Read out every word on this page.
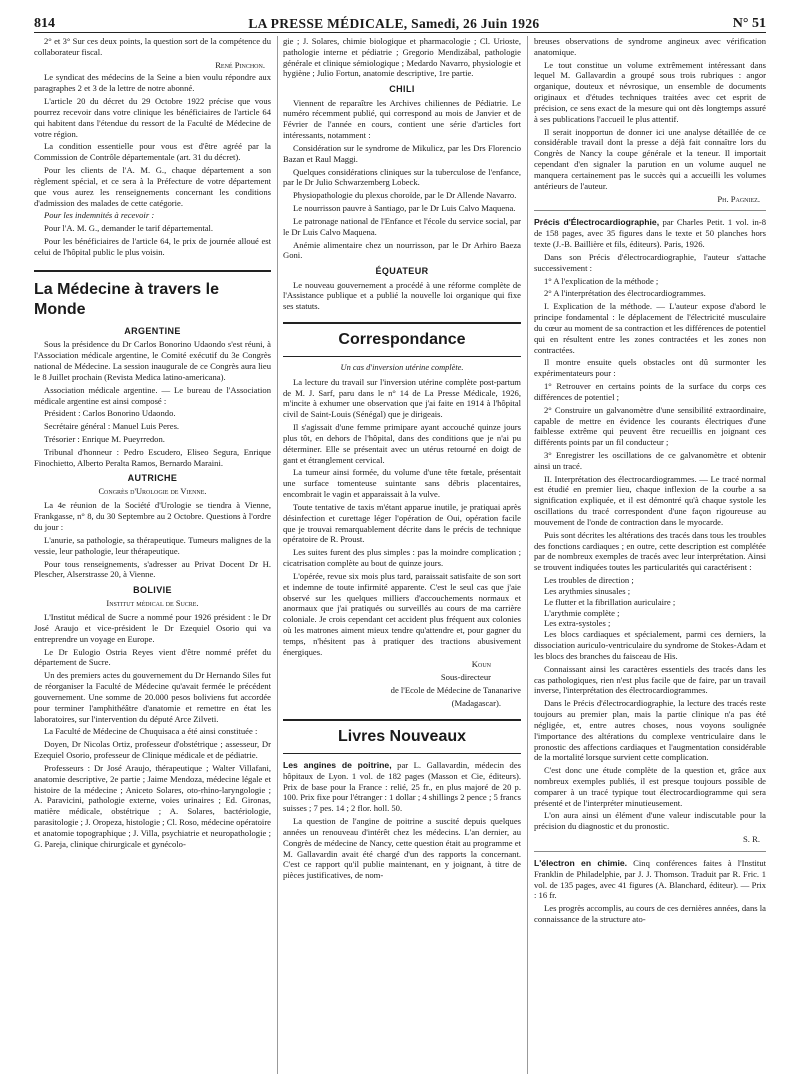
814	LA PRESSE MÉDICALE, Samedi, 26 Juin 1926	N° 51

2° et 3° Sur ces deux points, la question sort de la compétence du collaborateur fiscal.

René Pinchon.

Le syndicat des médecins de la Seine a bien voulu répondre aux paragraphes 2 et 3 de la lettre de notre abonné.

L'article 20 du décret du 29 Octobre 1922 précise que vous pourrez recevoir dans votre clinique les bénéficiaires de l'article 64 qui habitent dans l'étendue du ressort de la Faculté de Médecine de votre région.

La condition essentielle pour vous est d'être agréé par la Commission de Contrôle départementale (art. 31 du décret).

Pour les clients de l'A. M. G., chaque département a son règlement spécial, et ce sera à la Préfecture de votre département que vous aurez les renseignements concernant les conditions d'admission des malades de cette catégorie.

Pour les indemnités à recevoir :

Pour l'A. M. G., demander le tarif départemental.

Pour les bénéficiaires de l'article 64, le prix de journée alloué est celui de l'hôpital public le plus voisin.

La Médecine à travers le Monde
ARGENTINE

Sous la présidence du Dr Carlos Bonorino Udaondo s'est réuni, à l'Association médicale argentine, le Comité exécutif du 3e Congrès national de Médecine. La session inaugurale de ce Congrès aura lieu le 8 Juillet prochain (Revista Medica latino-americana).

Association médicale argentine. — Le bureau de l'Association médicale argentine est ainsi composé :

Président : Carlos Bonorino Udaondo.

Secrétaire général : Manuel Luis Peres.

Trésorier : Enrique M. Pueyrredon.

Tribunal d'honneur : Pedro Escudero, Eliseo Segura, Enrique Finochietto, Alberto Peralta Ramos, Bernardo Maraini.

AUTRICHE
Congrès d'Urologie de Vienne.

La 4e réunion de la Société d'Urologie se tiendra à Vienne, Frankgasse, n° 8, du 30 Septembre au 2 Octobre. Questions à l'ordre du jour :

L'anurie, sa pathologie, sa thérapeutique. Tumeurs malignes de la vessie, leur pathologie, leur thérapeutique.

Pour tous renseignements, s'adresser au Privat Docent Dr H. Plescher, Alserstrasse 20, à Vienne.

BOLIVIE
Institut médical de Sucre.

L'Institut médical de Sucre a nommé pour 1926 président : le Dr José Araujo et vice-président le Dr Ezequiel Osorio qui va entreprendre un voyage en Europe.

Le Dr Eulogio Ostria Reyes vient d'être nommé préfet du département de Sucre.

Un des premiers actes du gouvernement du Dr Hernando Siles fut de réorganiser la Faculté de Médecine qu'avait fermée le précédent gouvernement. Une somme de 20.000 pesos boliviens fut accordée pour terminer l'amphithéâtre d'anatomie et remettre en état les laboratoires, sur l'intervention du député Arce Zilveti.

La Faculté de Médecine de Chuquisaca a été ainsi constituée :

Doyen, Dr Nicolas Ortiz, professeur d'obstétrique ; assesseur, Dr Ezequiel Osorio, professeur de Clinique médicale et de pédiatrie.

Professeurs : Dr José Araujo, thérapeutique ; Walter Villafani, anatomie descriptive, 2e partie ; Jaime Mendoza, médecine légale et histoire de la médecine ; Aniceto Solares, oto-rhino-laryngologie ; A. Paravicini, pathologie externe, voies urinaires ; Ed. Gironas, matière médicale, obstétrique ; A. Solares, bactériologie, parasitologie ; J. Oropeza, histologie ; Cl. Roso, médecine opératoire et anatomie topographique ; J. Villa, psychiatrie et neuropathologie ; G. Pareja, clinique chirurgicale et gynécolo-

gie ; J. Solares, chimie biologique et pharmacologie ; Cl. Urioste, pathologie interne et pédiatrie ; Gregorio Mendizábal, pathologie générale et clinique sémiologique ; Medardo Navarro, physiologie et hygiène ; Julio Fortun, anatomie descriptive, 1re partie.

CHILI

Viennent de reparaître les Archives chiliennes de Pédiatrie. Le numéro récemment publié, qui correspond au mois de Janvier et de Février de l'année en cours, contient une série d'articles fort intéressants, notamment :

Considération sur le syndrome de Mikulicz, par les Drs Florencio Bazan et Raul Maggi.

Quelques considérations cliniques sur la tuberculose de l'enfance, par le Dr Julio Schwarzemberg Lobeck.

Physiopathologie du plexus choroïde, par le Dr Allende Navarro.

Le nourrisson pauvre à Santiago, par le Dr Luis Calvo Maquena.

Le patronage national de l'Enfance et l'école du service social, par le Dr Luis Calvo Maquena.

Anémie alimentaire chez un nourrisson, par le Dr Arhiro Baeza Goni.

ÉQUATEUR

Le nouveau gouvernement a procédé à une réforme complète de l'Assistance publique et a publié la nouvelle loi organique qui fixe ses statuts.

Correspondance
Un cas d'inversion utérine complète.

La lecture du travail sur l'inversion utérine complète post-partum de M. J. Sarf, paru dans le n° 14 de La Presse Médicale, 1926, m'incite à exhumer une observation que j'ai faite en 1914 à l'hôpital civil de Saint-Louis (Sénégal) que je dirigeais.

Il s'agissait d'une femme primipare ayant accouché quinze jours plus tôt, en dehors de l'hôpital, dans des conditions que je n'ai pu déterminer. Elle se présentait avec un utérus retourné en doigt de gant et étranglement cervical.

La tumeur ainsi formée, du volume d'une tête fœtale, présentait une surface tomenteuse suintante sans débris placentaires, encombrait le vagin et apparaissait à la vulve.

Toute tentative de taxis m'étant apparue inutile, je pratiquai après désinfection et curettage léger l'opération de Oui, opération facile que je trouvai remarquablement décrite dans le précis de technique opératoire de R. Proust.

Les suites furent des plus simples : pas la moindre complication ; cicatrisation complète au bout de quinze jours.

L'opérée, revue six mois plus tard, paraissait satisfaite de son sort et indemne de toute infirmité apparente. C'est le seul cas que j'aie observé sur les quelques milliers d'accouchements normaux et anormaux que j'ai pratiqués ou surveillés au cours de ma carrière coloniale. Je crois cependant cet accident plus fréquent aux colonies où les matrones aiment mieux tendre qu'attendre et, pour gagner du temps, n'hésitent pas à pratiquer des tractions abusivement énergiques.

Koun

Sous-directeur

de l'Ecole de Médecine de Tananarive

(Madagascar).

Livres Nouveaux

Les angines de poitrine, par L. Gallavardin, médecin des hôpitaux de Lyon. 1 vol. de 182 pages (Masson et Cie, éditeurs). Prix de base pour la France : relié, 25 fr., en plus majoré de 20 p. 100. Prix fixe pour l'étranger : 1 dollar ; 4 shillings 2 pence ; 5 francs suisses ; 7 pes. 14 ; 2 flor. holl. 50.

La question de l'angine de poitrine a suscité depuis quelques années un renouveau d'intérêt chez les médecins. L'an dernier, au Congrès de médecine de Nancy, cette question était au programme et M. Gallavardin avait été chargé d'un des rapports la concernant. C'est ce rapport qu'il publie maintenant, en y joignant, à titre de pièces justificatives, de nom-

breuses observations de syndrome angineux avec vérification anatomique.

Le tout constitue un volume extrêmement intéressant dans lequel M. Gallavardin a groupé sous trois rubriques : angor organique, douteux et névrosique, un ensemble de documents originaux et d'études techniques traitées avec cet esprit de précision, ce sens exact de la mesure qui ont dès longtemps assuré à ses publications l'accueil le plus attentif.

Il serait inopportun de donner ici une analyse détaillée de ce considérable travail dont la presse a déjà fait connaître lors du Congrès de Nancy la coupe générale et la teneur. Il importait cependant d'en signaler la parution en un volume auquel ne manquera certainement pas le succès qui a accueilli les volumes antérieurs de l'auteur.

Ph. Pagniez.

Précis d'Électrocardiographie, par Charles Petit. 1 vol. in-8 de 158 pages, avec 35 figures dans le texte et 50 planches hors texte (J.-B. Baillière et fils, éditeurs). Paris, 1926.

Dans son Précis d'électrocardiographie, l'auteur s'attache successivement :

1° A l'explication de la méthode ;

2° A l'interprétation des électrocardiogrammes.

I. Explication de la méthode. — L'auteur expose d'abord le principe fondamental : le déplacement de l'électricité musculaire du cœur au moment de sa contraction et les différences de potentiel qui en résultent entre les zones contractées et les zones non contractées.

Il montre ensuite quels obstacles ont dû surmonter les expérimentateurs pour :

1° Retrouver en certains points de la surface du corps ces différences de potentiel ;

2° Construire un galvanomètre d'une sensibilité extraordinaire, capable de mettre en évidence les courants électriques d'une faiblesse extrême qui peuvent être recueillis en joignant ces différents points par un fil conducteur ;

3° Enregistrer les oscillations de ce galvanomètre et obtenir ainsi un tracé.

II. Interprétation des électrocardiogrammes. — Le tracé normal est étudié en premier lieu, chaque inflexion de la courbe a sa signification expliquée, et il est démontré qu'à chaque systole les oscillations du tracé correspondent d'une façon rigoureuse au mouvement de l'onde de contraction dans le myocarde.

Puis sont décrites les altérations des tracés dans tous les troubles des fonctions cardiaques ; en outre, cette description est complétée par de nombreux exemples de tracés avec leur interprétation. Ainsi se trouvent indiquées toutes les particularités qui caractérisent :

Les troubles de direction ;

Les arythmies sinusales ;

Le flutter et la fibrillation auriculaire ;

L'arythmie complète ;

Les extra-systoles ;

Les blocs cardiaques et spécialement, parmi ces derniers, la dissociation auriculo-ventriculaire du syndrome de Stokes-Adam et les blocs des branches du faisceau de His.

Connaissant ainsi les caractères essentiels des tracés dans les cas pathologiques, rien n'est plus facile que de faire, par un travail inverse, l'interprétation des électrocardiogrammes.

Dans le Précis d'électrocardiographie, la lecture des tracés reste toujours au premier plan, mais la partie clinique n'a pas été négligée, et, entre autres choses, nous voyons soulignée l'importance des altérations du complexe ventriculaire dans le pronostic des affections cardiaques et l'augmentation considérable de la mortalité lorsque survient cette complication.

C'est donc une étude complète de la question et, grâce aux nombreux exemples publiés, il est presque toujours possible de comparer à un tracé typique tout électrocardiogramme qui sera présenté et de l'interpréter minutieusement.

L'on aura ainsi un élément d'une valeur indiscutable pour la précision du diagnostic et du pronostic.

S. R.

L'électron en chimie. Cinq conférences faites à l'Institut Franklin de Philadelphie, par J. J. Thomson. Traduit par R. Fric. 1 vol. de 135 pages, avec 41 figures (A. Blanchard, éditeur). — Prix : 16 fr.

Les progrès accomplis, au cours de ces dernières années, dans la connaissance de la structure ato-
